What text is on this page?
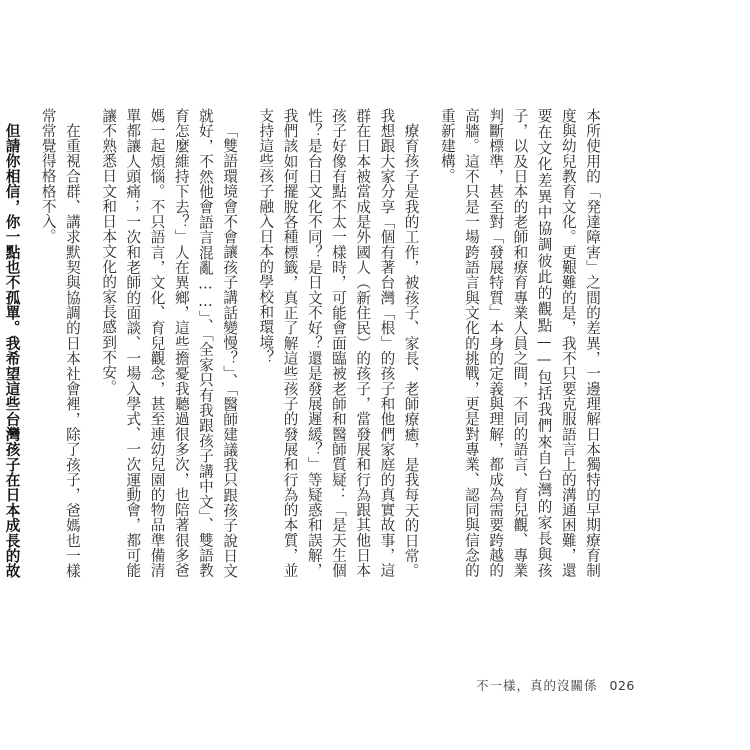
本所使用的「発達障害」之間的差異，一邊理解日本獨特的早期療育制度與幼兒教育文化。更艱難的是，我不只要克服語言上的溝通困難，還要在文化差異中協調彼此的觀點——包括我們來自台灣的家長與孩子，以及日本的老師和療育專業人員之間，不同的語言、育兒觀、專業判斷標準，甚至對「發展特質」本身的定義與理解，都成為需要跨越的高牆。這不只是一場跨語言與文化的挑戰，更是對專業、認同與信念的重新建構。

療育孩子是我的工作，被孩子、家長、老師療癒，是我每天的日常。我想跟大家分享「個有著台灣「根」的孩子和他們家庭的真實故事，這群在日本被當成是外國人（新住民）的孩子，當發展和行為跟其他日本孩子好像有點不太一樣時，可能會面臨被老師和醫師質疑：「是天生個性？是台日文化不同？是日文不好？還是發展遲緩？」等疑惑和誤解，我們該如何擺脫各種標籤，真正了解這些孩子的發展和行為的本質，並支持這些孩子融入日本的學校和環境？

「雙語環境會不會讓孩子講話變慢？」、「醫師建議我只跟孩子說日文就好，不然他會語言混亂……」、「全家只有我跟孩子講中文」、雙語教育怎麼維持下去？」人在異鄉，這些擔憂我聽過很多次，也陪著很多爸媽一起煩惱。不只語言，文化、育兒觀念，甚至連幼兒園的物品準備清單都讓人頭痛；一次和老師的面談、一場入學式、一次運動會，都可能讓不熟悉日文和日本文化的家長感到不安。

在重視合群、講求默契與協調的日本社會裡，除了孩子，爸媽也一樣常常覺得格格不入。

但請你相信，你一點也不孤單。我希望這些台灣孩子在日本成長的故

不一樣，真的沒關係 026
